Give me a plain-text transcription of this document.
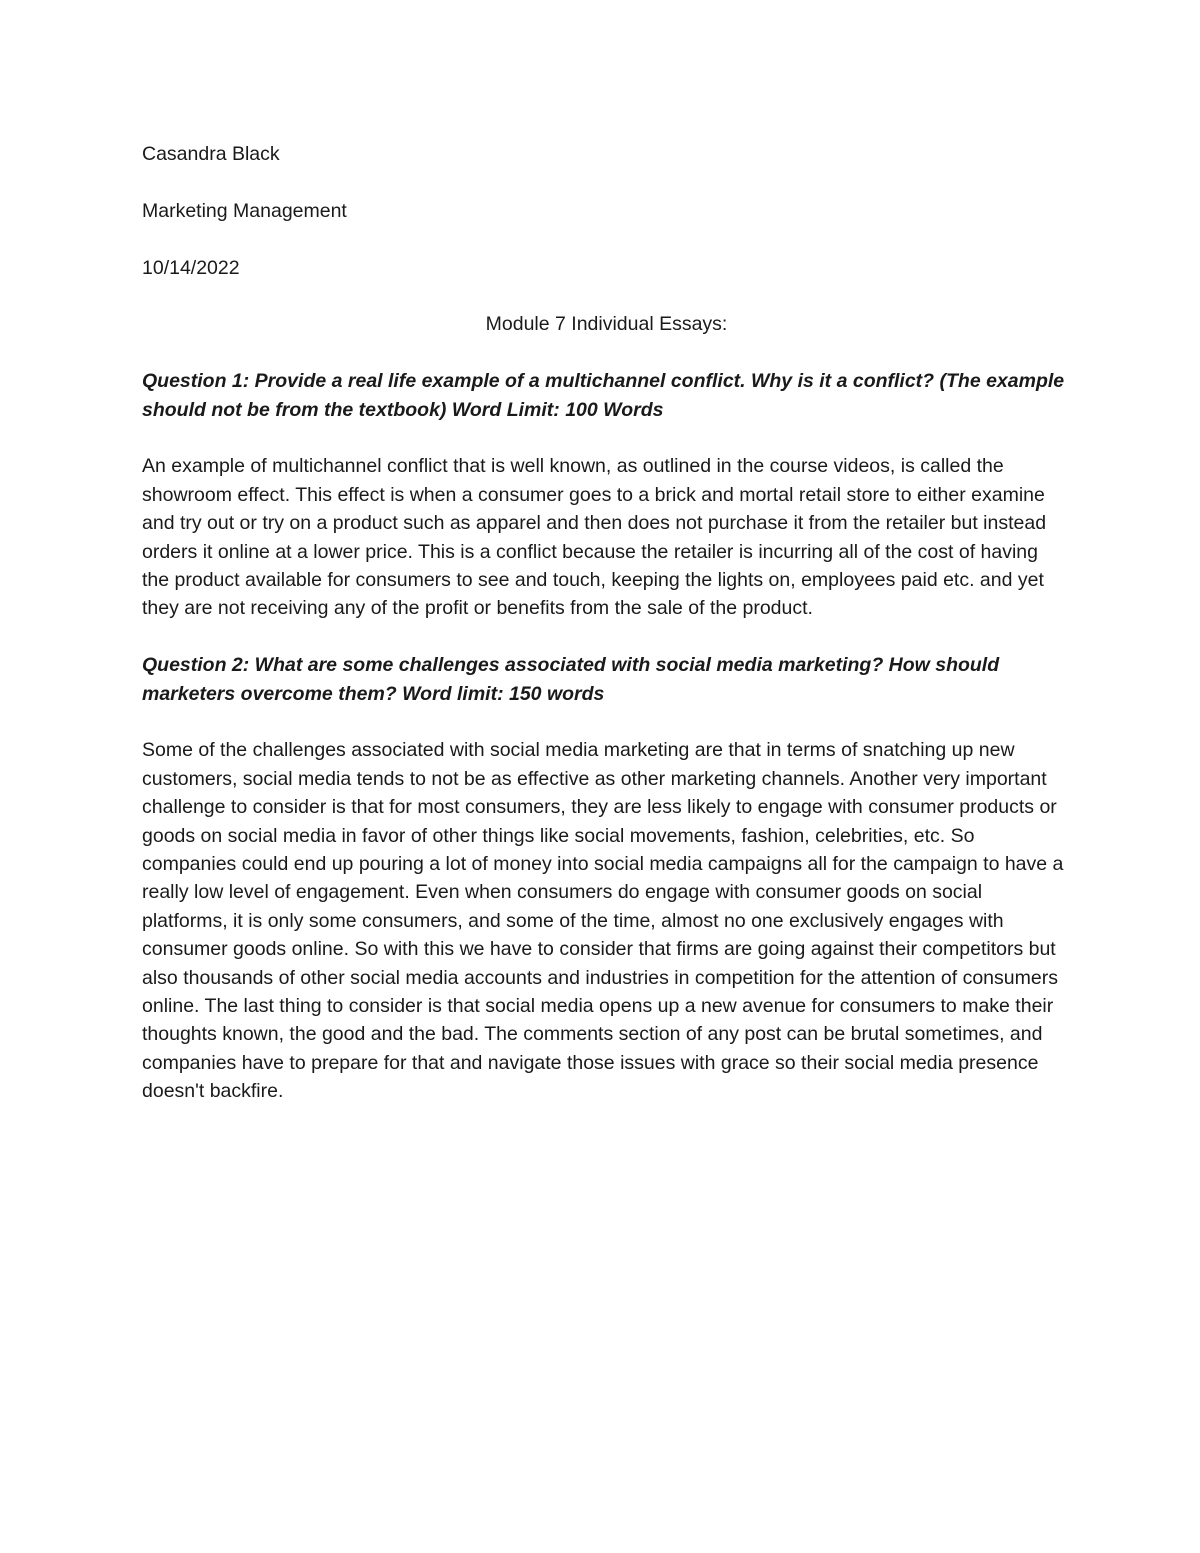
Casandra Black

Marketing Management

10/14/2022

Module 7 Individual Essays:

Question 1: Provide a real life example of a multichannel conflict. Why is it a conflict? (The example should not be from the textbook) Word Limit: 100 Words

An example of multichannel conflict that is well known, as outlined in the course videos, is called the showroom effect. This effect is when a consumer goes to a brick and mortal retail store to either examine and try out or try on a product such as apparel and then does not purchase it from the retailer but instead orders it online at a lower price. This is a conflict because the retailer is incurring all of the cost of having the product available for consumers to see and touch, keeping the lights on, employees paid etc. and yet they are not receiving any of the profit or benefits from the sale of the product.

Question 2: What are some challenges associated with social media marketing? How should marketers overcome them? Word limit: 150 words

Some of the challenges associated with social media marketing are that in terms of snatching up new customers, social media tends to not be as effective as other marketing channels. Another very important challenge to consider is that for most consumers, they are less likely to engage with consumer products or goods on social media in favor of other things like social movements, fashion, celebrities, etc. So companies could end up pouring a lot of money into social media campaigns all for the campaign to have a really low level of engagement. Even when consumers do engage with consumer goods on social platforms, it is only some consumers, and some of the time, almost no one exclusively engages with consumer goods online. So with this we have to consider that firms are going against their competitors but also thousands of other social media accounts and industries in competition for the attention of consumers online. The last thing to consider is that social media opens up a new avenue for consumers to make their thoughts known, the good and the bad. The comments section of any post can be brutal sometimes, and companies have to prepare for that and navigate those issues with grace so their social media presence doesn't backfire.
